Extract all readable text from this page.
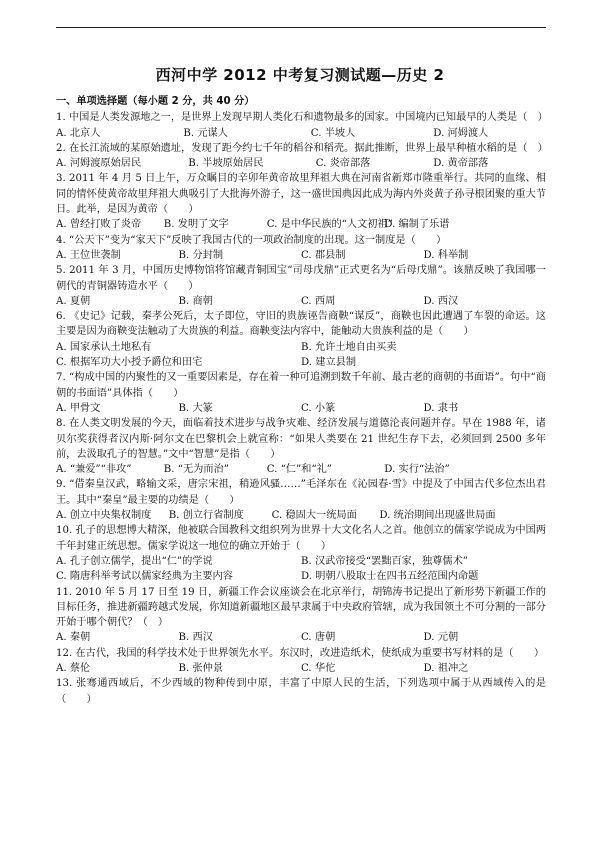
西河中学 2012 中考复习测试题—历史 2
一、单项选择题（每小题 2 分，共 40 分）

1. 中国是人类发源地之一，是世界上发现早期人类化石和遗物最多的国家。中国境内已知最早的人类是（　）

A. 北京人	B. 元谋人	C. 半坡人	D. 河姆渡人

2. 在长江流域的某原始遗址，发现了距今约七千年的稻谷和稻壳。据此推断，世界上最早种植水稻的是（　）

A. 河姆渡原始居民	B. 半坡原始居民	C. 炎帝部落	D. 黄帝部落

3. 2011 年 4 月 5 日上午，万众瞩目的辛卯年黄帝故里拜祖大典在河南省新郑市隆重举行。共同的血缘、相同的情怀使黄帝故里拜祖大典吸引了大批海外游子，这一盛世国典因此成为海内外炎黄子孙寻根团聚的重大节日。此举，是因为黄帝（　　）

A. 曾经打败了炎帝	B. 发明了文字	C. 是中华民族的“人文初祖”
D. 编制了乐谱

4. “公天下”变为“家天下”反映了我国古代的一项政治制度的出现。这一制度是（　　）

A. 王位世袭制	B. 分封制	C. 郡县制	D. 科举制

5. 2011 年 3 月，中国历史博物馆将馆藏青铜国宝“司母戊鼎”正式更名为“后母戊鼎”。该鼎反映了我国哪一朝代的青铜器铸造水平（　　）

A. 夏朝	B. 商朝	C. 西周	D. 西汉

6. 《史记》记载，秦孝公死后，太子即位，守旧的贵族诬告商鞅“谋反”，商鞅也因此遭遇了车裂的命运。这主要是因为商鞅变法触动了大贵族的利益。商鞅变法内容中，能触动大贵族利益的是（　　）

A. 国家承认土地私有	B. 允许土地自由买卖
C. 根据军功大小授予爵位和田宅	D. 建立县制

7. “构成中国的内聚性的又一重要因素是，存在着一种可追溯到数千年前、最古老的商朝的书面语”。句中“商朝的书面语”具体指（　　）

A. 甲骨文	B. 大篆	C. 小篆	D. 隶书

8. 在人类文明发展的今天，面临着技术进步与战争灾难、经济发展与道德沦丧问题并存。早在 1988 年，诸贝尔奖获得者汉内斯·阿尔文在巴黎机会上就宣称：“如果人类要在 21 世纪生存下去，必须回到 2500 多年前，去汲取孔子的智慧。”文中“智慧”是指（　　）

A. “兼爱”“非攻”	B. “无为而治”	C. “仁”和“礼”	D. 实行“法治”

9. “借秦皇汉武，略输文采，唐宗宋祖，稍逊风骚……”毛泽东在《沁园春·雪》中提及了中国古代多位杰出君王。其中“秦皇”最主要的功绩是（　　）

A. 创立中央集权制度	B. 创立行省制度	C. 稳固大一统局面	D. 统治期间出现盛世局面

10. 孔子的思想博大精深，他被联合国教科文组织列为世界十大文化名人之首。他创立的儒家学说成为中国两千年封建正统思想。儒家学说这一地位的确立开始于（　　）

A. 孔子创立儒学，提出“仁”的学说	B. 汉武帝接受“罢黜百家，独尊儒术”
C. 隋唐科举考试以儒家经典为主要内容	D. 明朝八股取士在四书五经范围内命题

11. 2010 年 5 月 17 日至 19 日，新疆工作会议座谈会在北京举行，胡锦涛书记提出了新形势下新疆工作的目标任务，推进新疆跨越式发展，你知道新疆地区最早隶属于中央政府管辖，成为我国领土不可分割的一部分开始于哪个朝代？（　）

A. 秦朝	B. 西汉	C. 唐朝	D. 元朝

12. 在古代，我国的科学技术处于世界领先水平。东汉时，改进造纸术，使纸成为重要书写材料的是（　　）

A. 蔡伦	B. 张仲景	C. 华佗	D. 祖冲之

13. 张骞通西域后，不少西域的物种传到中原，丰富了中原人民的生活，下列选项中属于从西域传入的是（　　）
